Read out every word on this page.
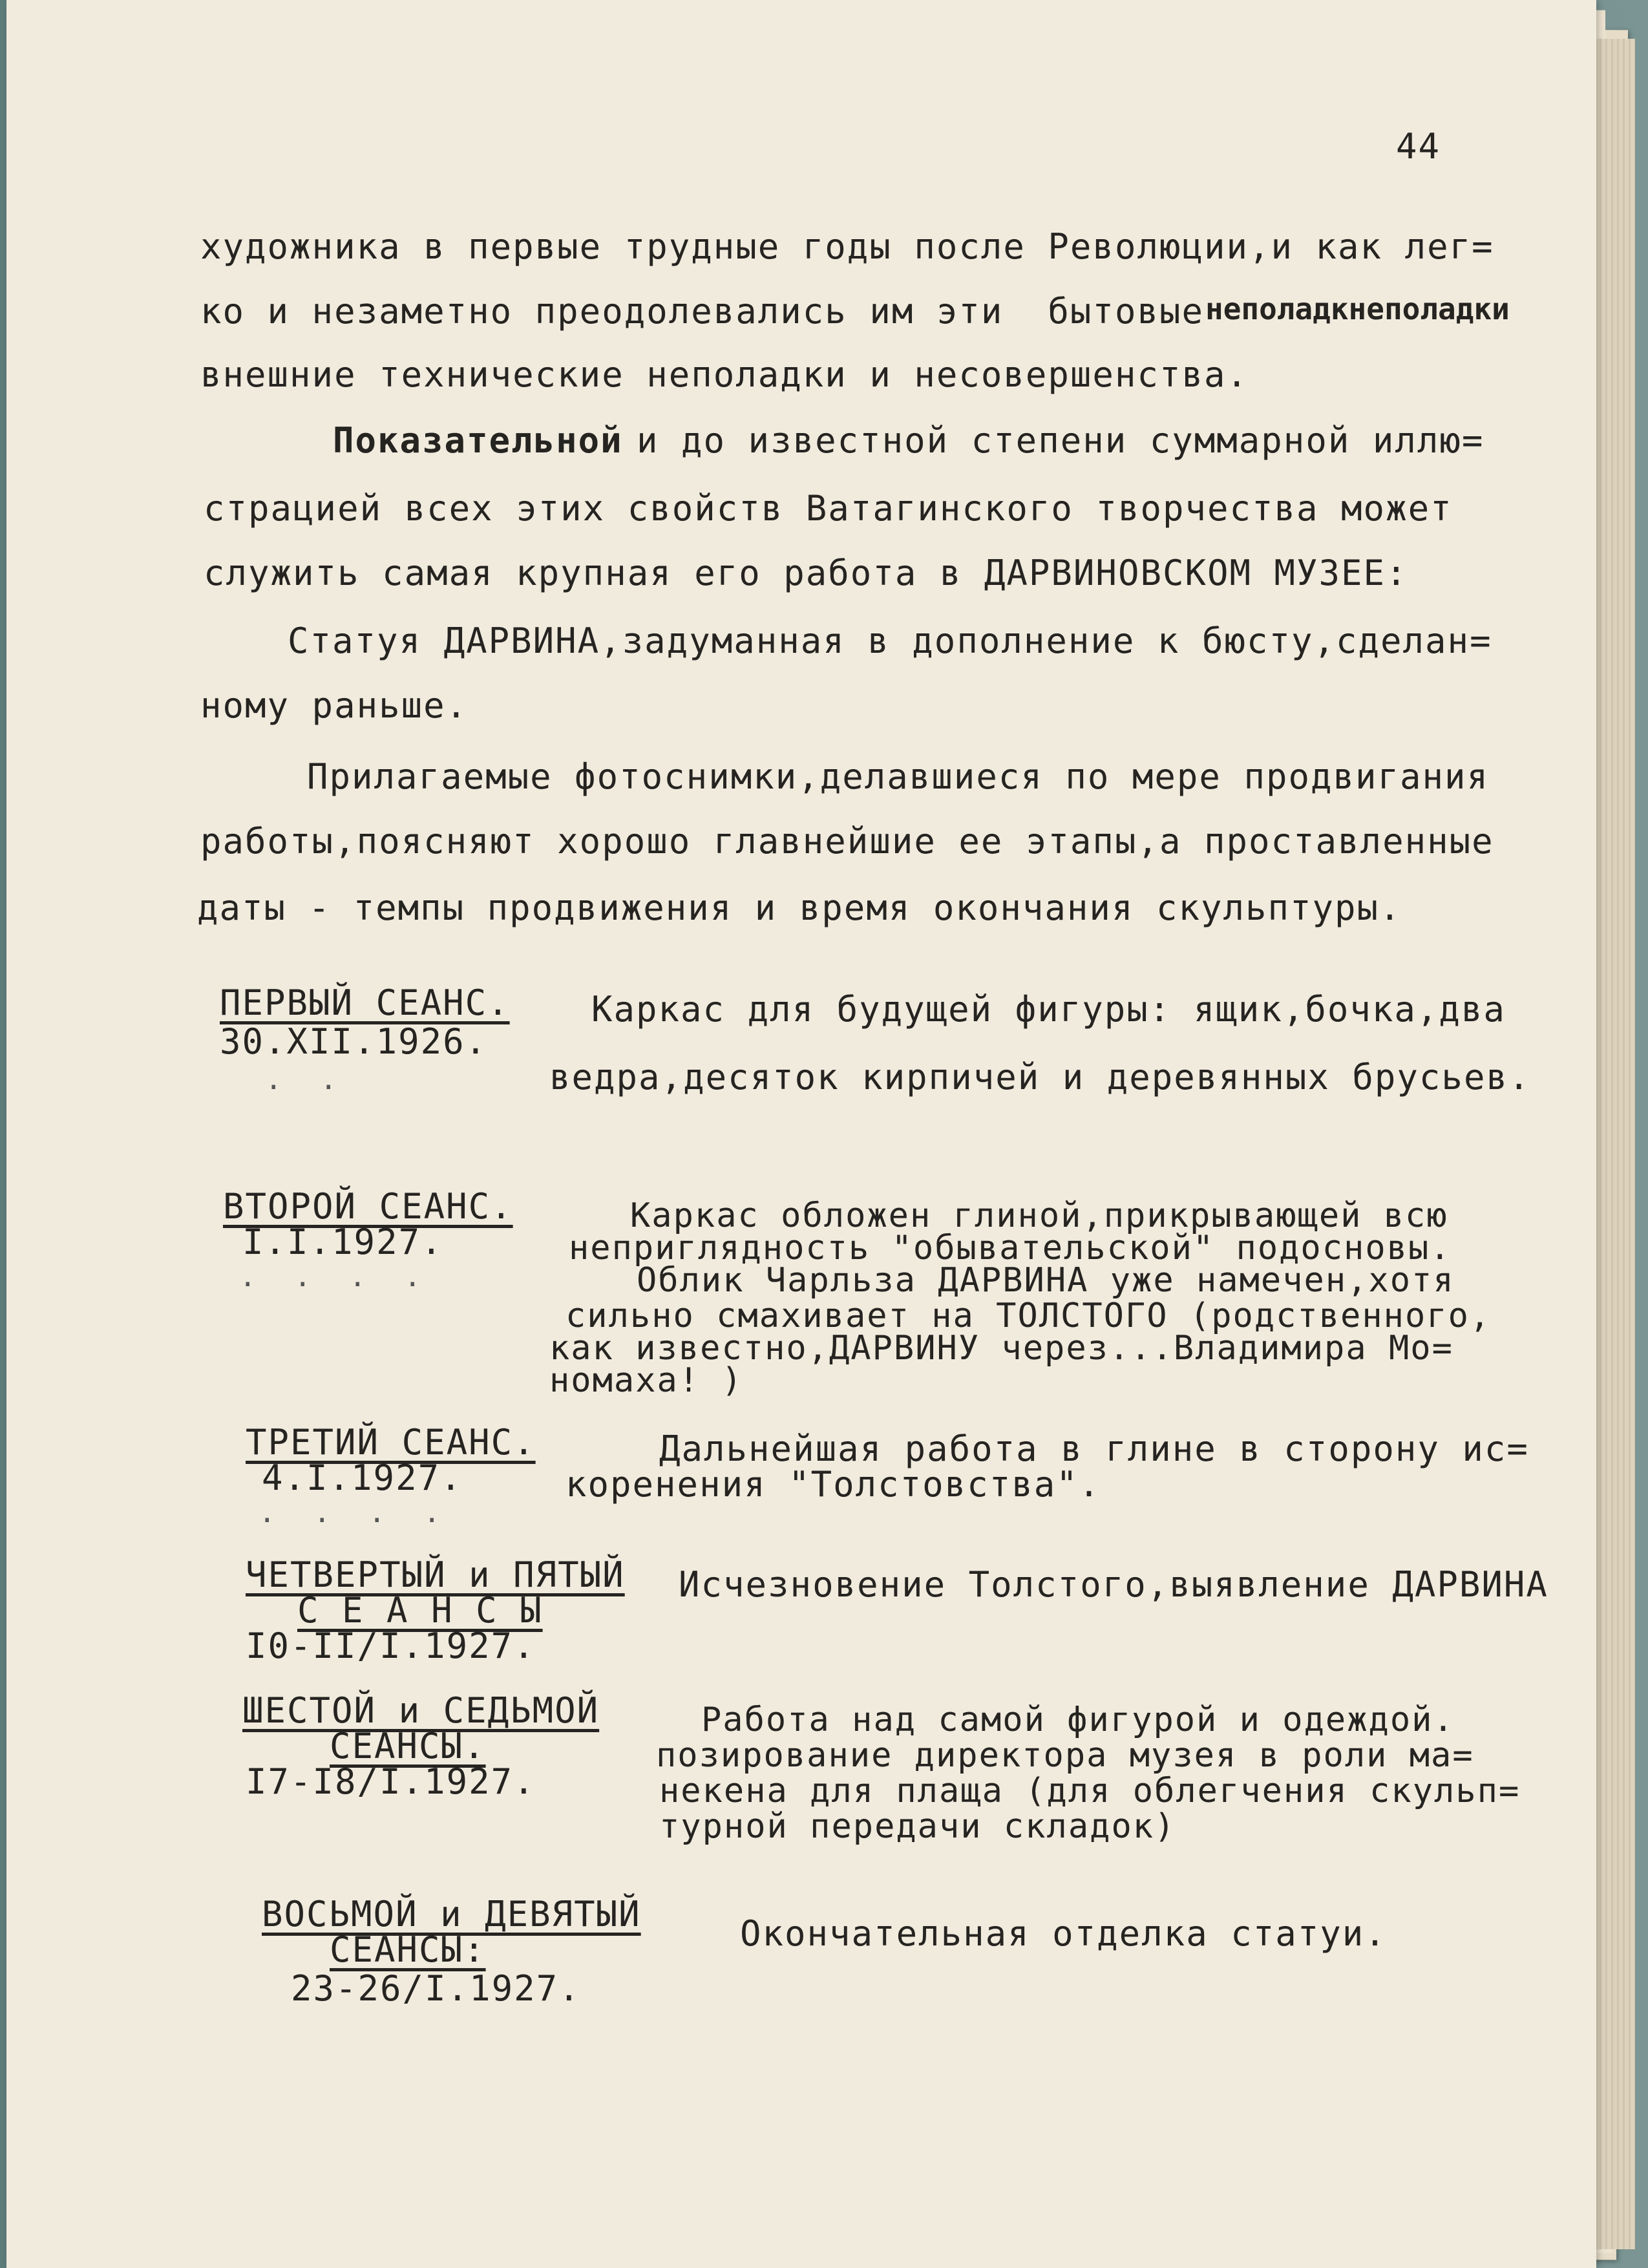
44
художника в первые трудные годы после Революции,и как лег=
ко и незаметно преодолевались им эти  бытовые неполадкнеполадки
внешние технические неполадки и несовершенства.
Показательной и до известной степени суммарной иллю=
страцией всех этих свойств Ватагинского творчества может
служить самая крупная его работа в ДАРВИНОВСКОМ МУЗЕЕ:
Статуя ДАРВИНА,задуманная в дополнение к бюсту,сделан=
ному раньше.
Прилагаемые фотоснимки,делавшиеся по мере продвигания
работы,поясняют хорошо главнейшие ее этапы,а проставленные
даты - темпы продвижения и время окончания скульптуры.
ПЕРВЫЙ СЕАНС.
30.XII.1926.
. .
Каркас для будущей фигуры: ящик,бочка,два
ведра,десяток кирпичей и деревянных брусьев.
ВТОРОЙ СЕАНС.
I.I.1927.
. . . .
Каркас обложен глиной,прикрывающей всю
неприглядность "обывательской" подосновы.
Облик Чарльза ДАРВИНА уже намечен,хотя
сильно смахивает на ТОЛСТОГО (родственного,
как известно,ДАРВИНУ через...Владимира Мо=
номаха! )
ТРЕТИЙ СЕАНС.
4.I.1927.
. . . .
Дальнейшая работа в глине в сторону ис=
коренения "Толстовства".
ЧЕТВЕРТЫЙ и ПЯТЫЙ
С Е А Н С Ы
I0-II/I.1927.
Исчезновение Толстого,выявление ДАРВИНА
ШЕСТОЙ и СЕДЬМОЙ
СЕАНСЫ.
I7-I8/I.1927.
Работа над самой фигурой и одеждой.
позирование директора музея в роли ма=
некена для плаща (для облегчения скульп=
турной передачи складок)
ВОСЬМОЙ и ДЕВЯТЫЙ
СЕАНСЫ:
23-26/I.1927.
Окончательная отделка статуи.
